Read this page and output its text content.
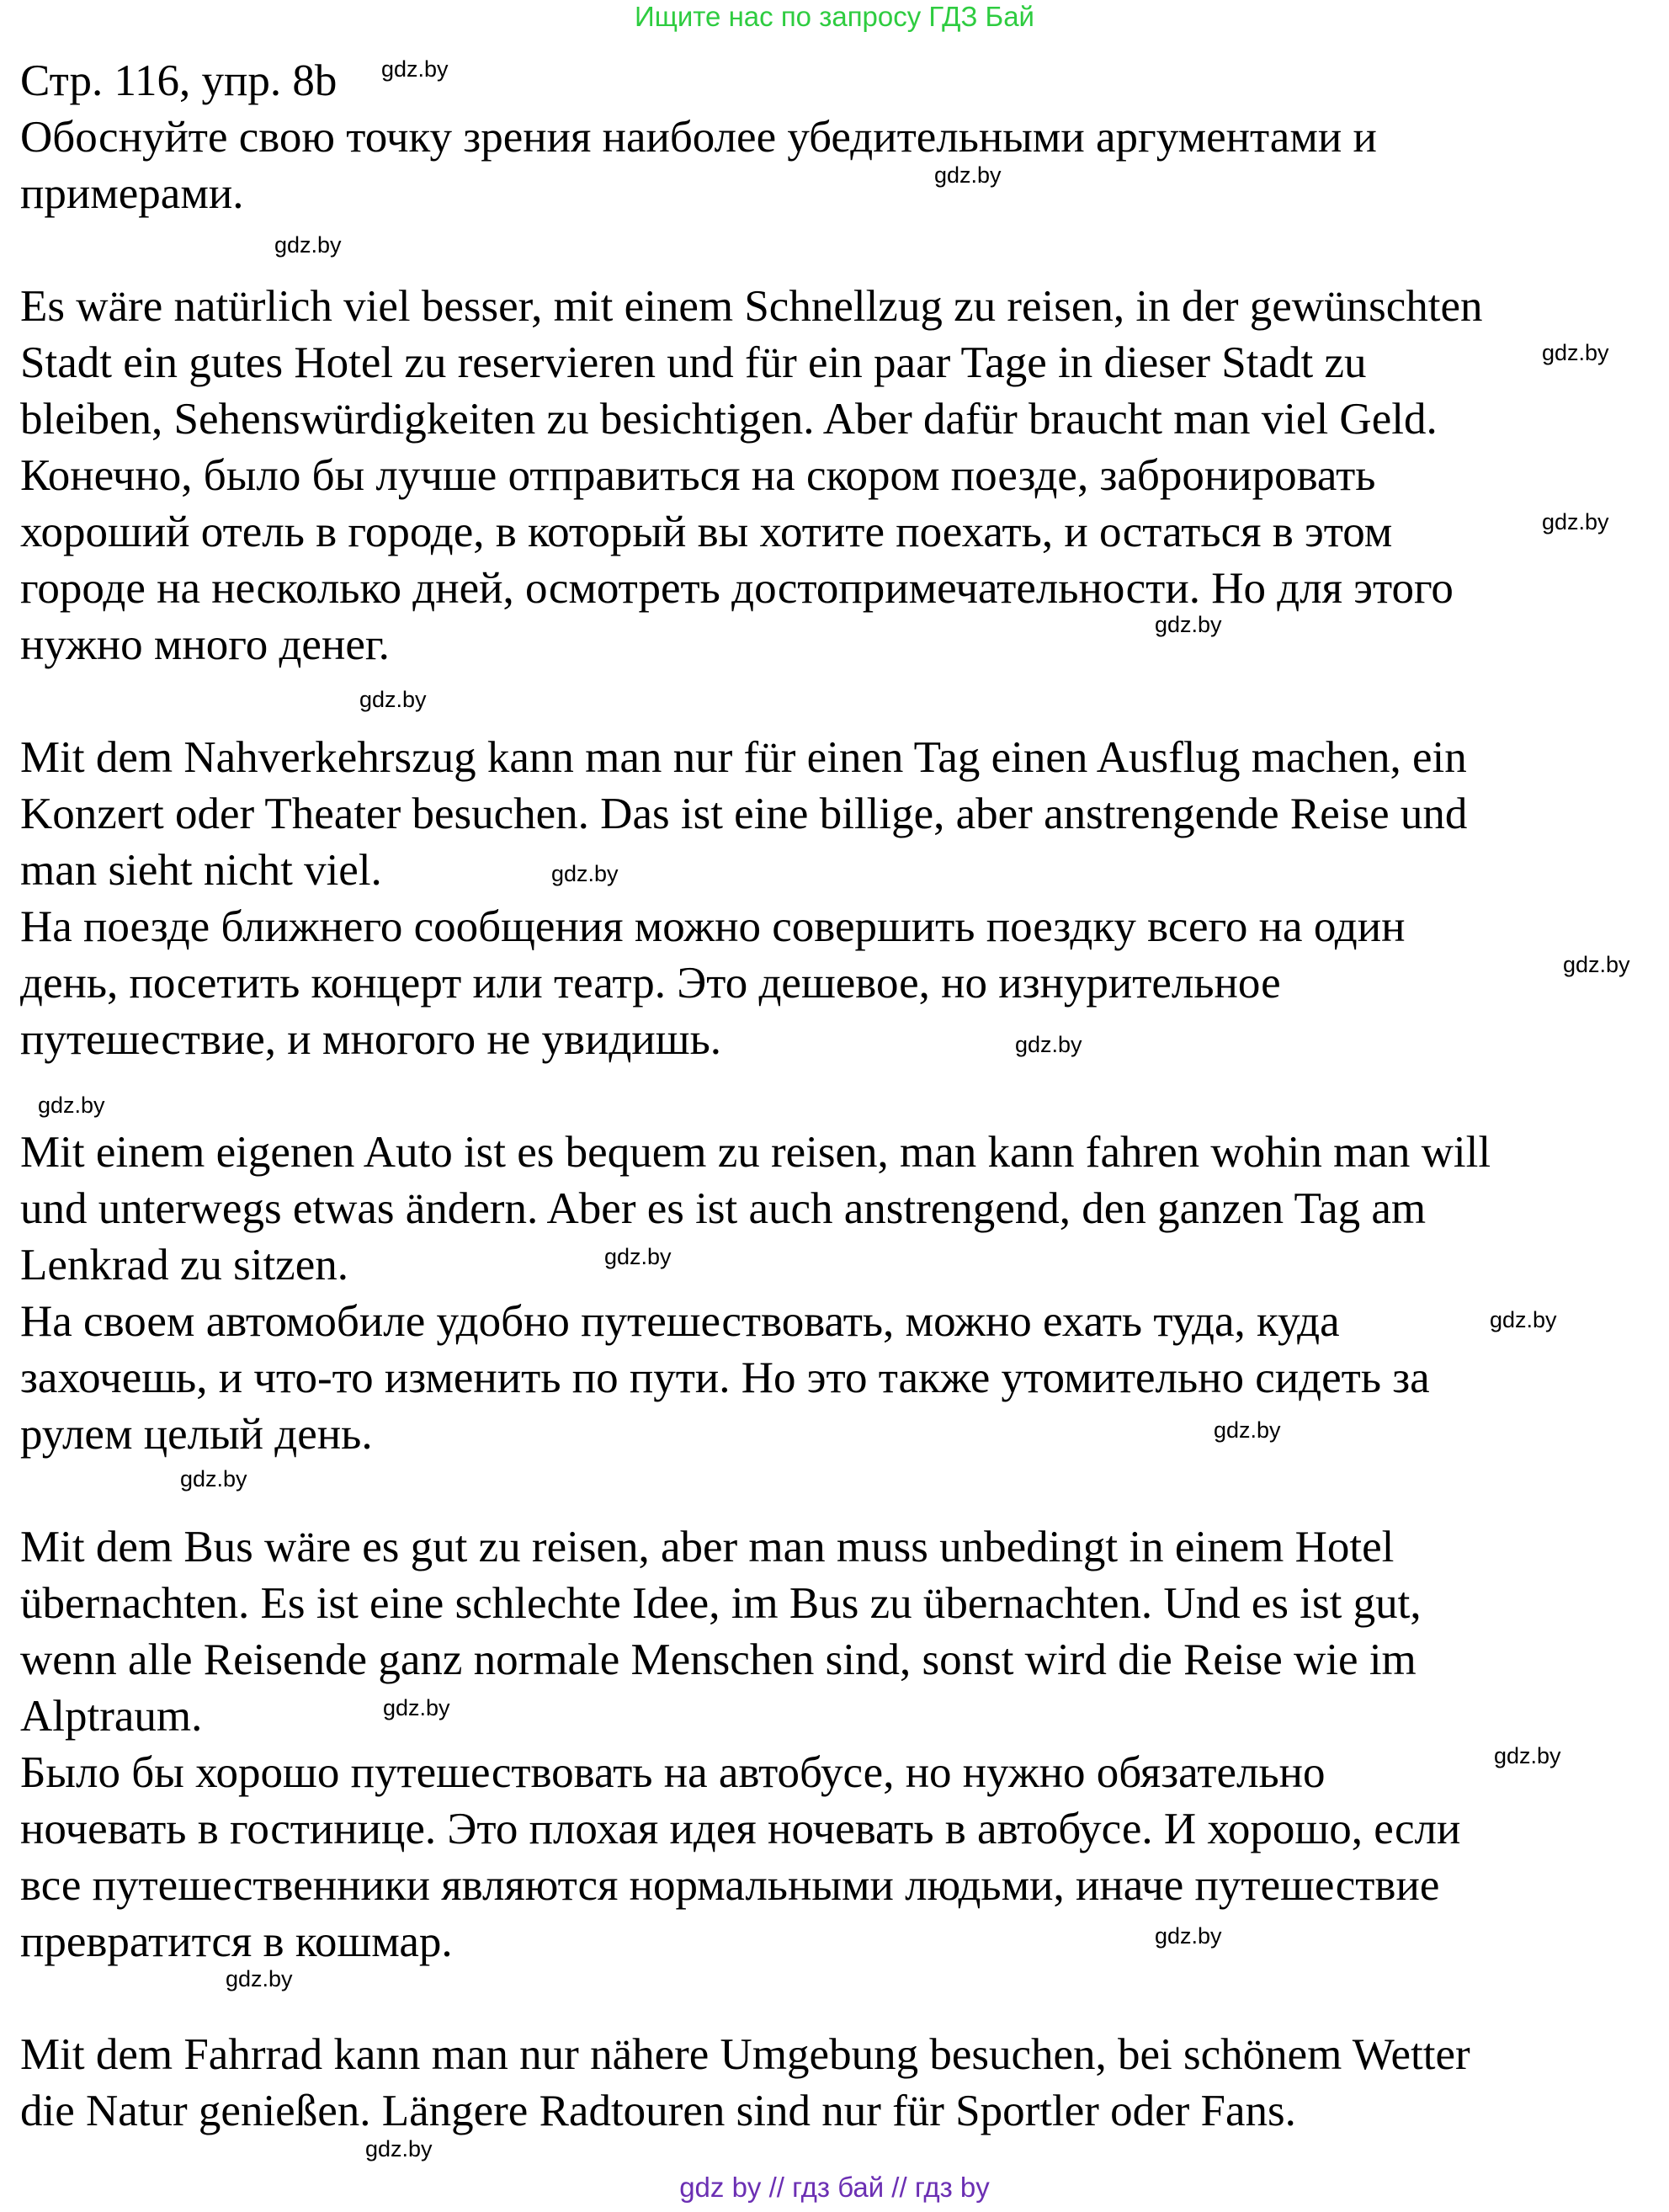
Ищите нас по запросу ГДЗ Бай
Стр. 116, упр. 8b
Обоснуйте свою точку зрения наиболее убедительными аргументами и
примерами.
Es wäre natürlich viel besser, mit einem Schnellzug zu reisen, in der gewünschten
Stadt ein gutes Hotel zu reservieren und für ein paar Tage in dieser Stadt zu
bleiben, Sehenswürdigkeiten zu besichtigen. Aber dafür braucht man viel Geld.
Конечно, было бы лучше отправиться на скором поезде, забронировать
хороший отель в городе, в который вы хотите поехать, и остаться в этом
городе на несколько дней, осмотреть достопримечательности. Но для этого
нужно много денег.
Mit dem Nahverkehrszug kann man nur für einen Tag einen Ausflug machen, ein
Konzert oder Theater besuchen. Das ist eine billige, aber anstrengende Reise und
man sieht nicht viel.
На поезде ближнего сообщения можно совершить поездку всего на один
день, посетить концерт или театр. Это дешевое, но изнурительное
путешествие, и многого не увидишь.
Mit einem eigenen Auto ist es bequem zu reisen, man kann fahren wohin man will
und unterwegs etwas ändern. Aber es ist auch anstrengend, den ganzen Tag am
Lenkrad zu sitzen.
На своем автомобиле удобно путешествовать, можно ехать туда, куда
захочешь, и что-то изменить по пути. Но это также утомительно сидеть за
рулем целый день.
Mit dem Bus wäre es gut zu reisen, aber man muss unbedingt in einem Hotel
übernachten. Es ist eine schlechte Idee, im Bus zu übernachten. Und es ist gut,
wenn alle Reisende ganz normale Menschen sind, sonst wird die Reise wie im
Alptraum.
Было бы хорошо путешествовать на автобусе, но нужно обязательно
ночевать в гостинице. Это плохая идея ночевать в автобусе. И хорошо, если
все путешественники являются нормальными людьми, иначе путешествие
превратится в кошмар.
Mit dem Fahrrad kann man nur nähere Umgebung besuchen, bei schönem Wetter
die Natur genießen. Längere Radtouren sind nur für Sportler oder Fans.
gdz.by
gdz.by
gdz.by
gdz.by
gdz.by
gdz.by
gdz.by
gdz.by
gdz.by
gdz.by
gdz.by
gdz.by
gdz.by
gdz.by
gdz.by
gdz.by
gdz.by
gdz.by
gdz.by
gdz.by
gdz by // гдз бай // гдз by
